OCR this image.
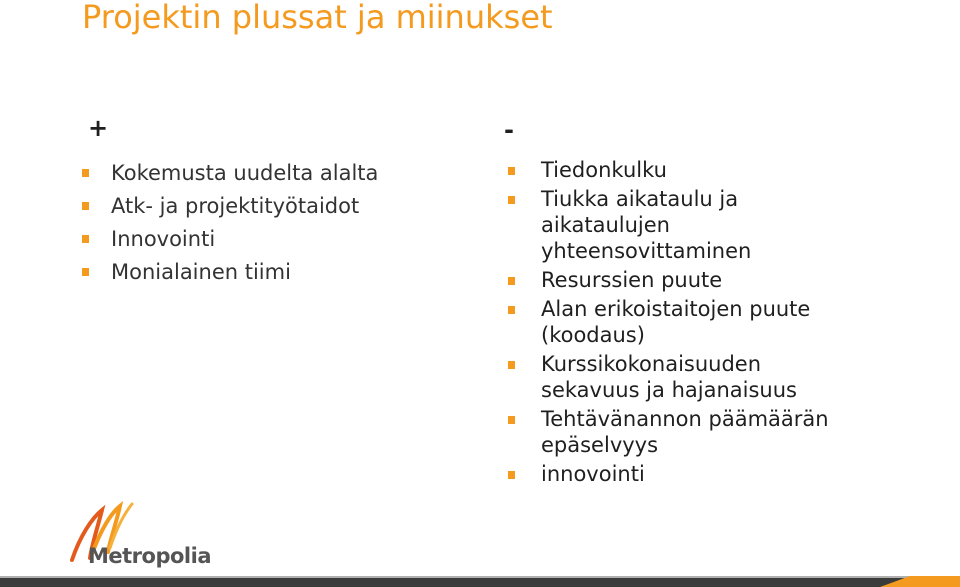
Projektin plussat ja miinukset
+
Kokemusta uudelta alalta
Atk- ja projektityötaidot
Innovointi
Monialainen tiimi
-
Tiedonkulku
Tiukka aikataulu ja aikataulujen yhteensovittaminen
Resurssien puute
Alan erikoistaitojen puute (koodaus)
Kurssikokonaisuuden sekavuus ja hajanaisuus
Tehtävänannon päämäärän epäselvyys
innovointi
Metropolia
